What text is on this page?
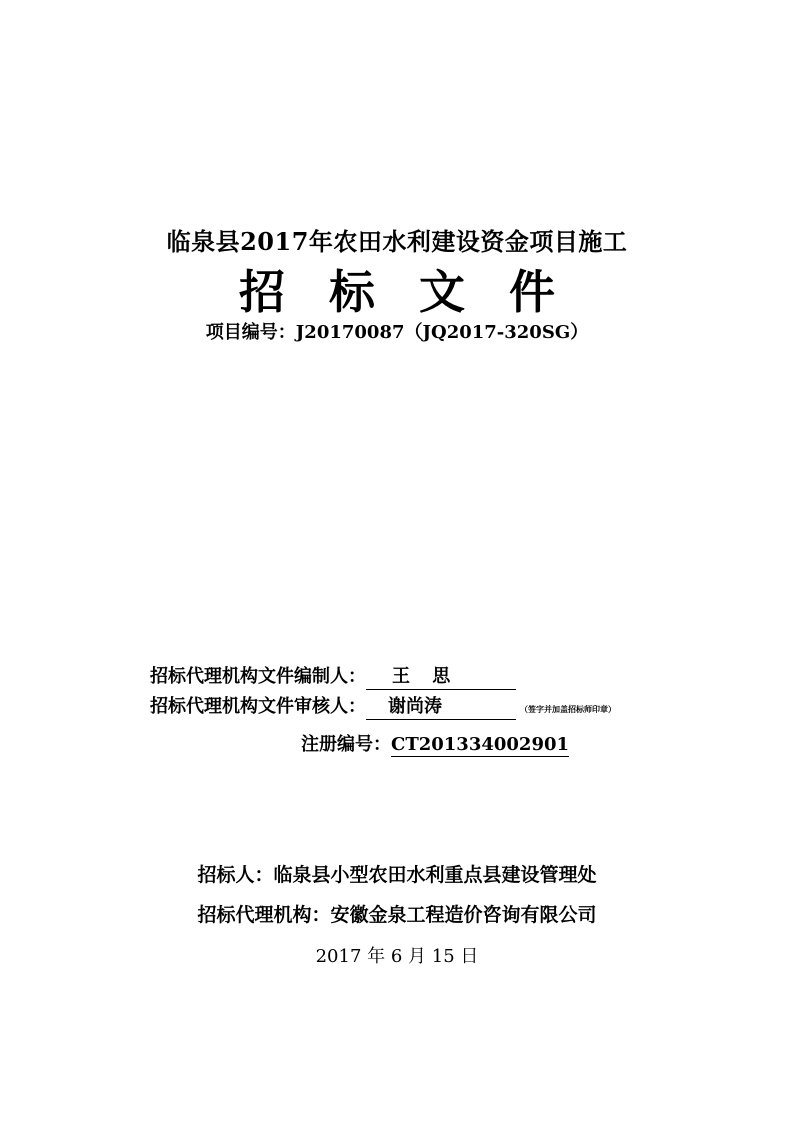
临泉县2017年农田水利建设资金项目施工
招标文件
项目编号：J20170087（JQ2017-320SG）
招标代理机构文件编制人： 王 思
招标代理机构文件审核人： 谢尚涛	（签字并加盖招标师印章）
注册编号：CT201334002901
招标人：临泉县小型农田水利重点县建设管理处
招标代理机构：安徽金泉工程造价咨询有限公司
2017 年 6 月 15 日
